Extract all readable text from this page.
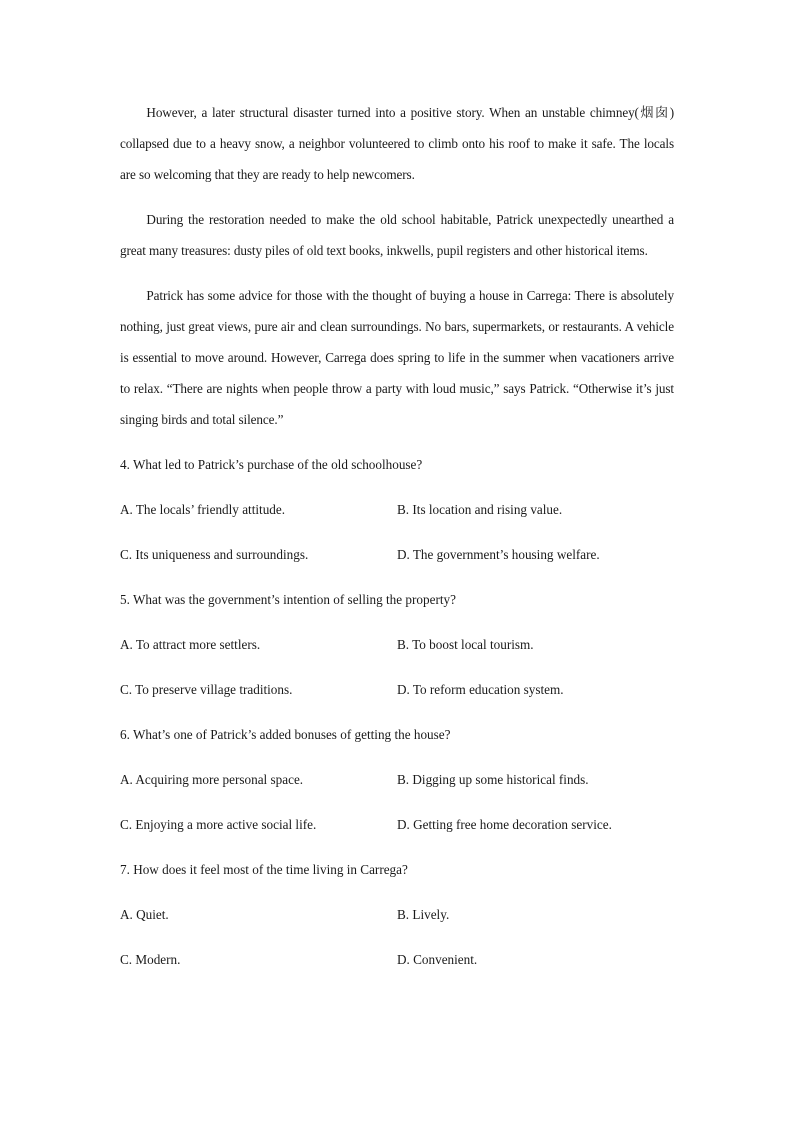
However, a later structural disaster turned into a positive story. When an unstable chimney(烟囱) collapsed due to a heavy snow, a neighbor volunteered to climb onto his roof to make it safe. The locals are so welcoming that they are ready to help newcomers.

During the restoration needed to make the old school habitable, Patrick unexpectedly unearthed a great many treasures: dusty piles of old text books, inkwells, pupil registers and other historical items.

Patrick has some advice for those with the thought of buying a house in Carrega: There is absolutely nothing, just great views, pure air and clean surroundings. No bars, supermarkets, or restaurants. A vehicle is essential to move around. However, Carrega does spring to life in the summer when vacationers arrive to relax. “There are nights when people throw a party with loud music,” says Patrick. “Otherwise it’s just singing birds and total silence.”

4. What led to Patrick’s purchase of the old schoolhouse?
A. The locals’ friendly attitude.	B. Its location and rising value.
C. Its uniqueness and surroundings.	D. The government’s housing welfare.
5. What was the government’s intention of selling the property?
A. To attract more settlers.	B. To boost local tourism.
C. To preserve village traditions.	D. To reform education system.
6. What’s one of Patrick’s added bonuses of getting the house?
A. Acquiring more personal space.	B. Digging up some historical finds.
C. Enjoying a more active social life.	D. Getting free home decoration service.
7. How does it feel most of the time living in Carrega?
A. Quiet.	B. Lively.
C. Modern.	D. Convenient.
